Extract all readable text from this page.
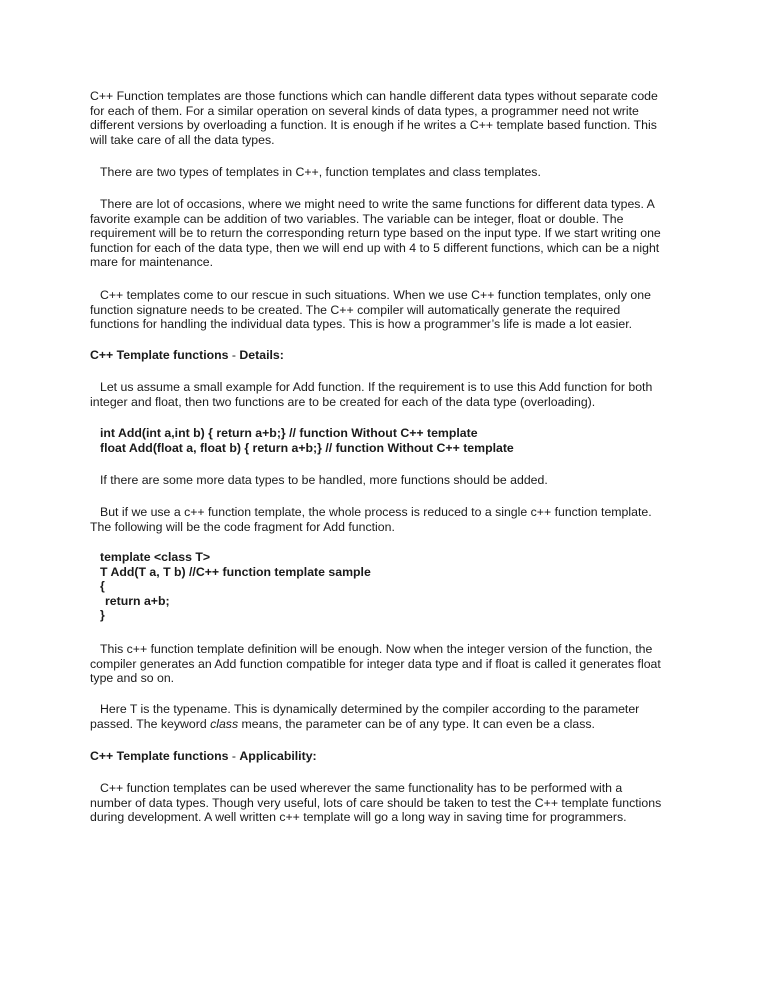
C++ Function templates are those functions which can handle different data types without separate code

for each of them. For a similar operation on several kinds of data types, a programmer need not write

different versions by overloading a function. It is enough if he writes a C++ template based function. This

will take care of all the data types.

There are two types of templates in C++, function templates and class templates.

There are lot of occasions, where we might need to write the same functions for different data types. A

favorite example can be addition of two variables. The variable can be integer, float or double. The

requirement will be to return the corresponding return type based on the input type. If we start writing one

function for each of the data type, then we will end up with 4 to 5 different functions, which can be a night

mare for maintenance.

C++ templates come to our rescue in such situations. When we use C++ function templates, only one

function signature needs to be created. The C++ compiler will automatically generate the required

functions for handling the individual data types. This is how a programmer’s life is made a lot easier.

C++ Template functions - Details:

Let us assume a small example for Add function. If the requirement is to use this Add function for both

integer and float, then two functions are to be created for each of the data type (overloading).

int Add(int a,int b) { return a+b;} // function Without C++ template

float Add(float a, float b) { return a+b;} // function Without C++ template

If there are some more data types to be handled, more functions should be added.

But if we use a c++ function template, the whole process is reduced to a single c++ function template.

The following will be the code fragment for Add function.

template <class T>

T Add(T a, T b) //C++ function template sample

{

return a+b;

}

This c++ function template definition will be enough. Now when the integer version of the function, the

compiler generates an Add function compatible for integer data type and if float is called it generates float

type and so on.

Here T is the typename. This is dynamically determined by the compiler according to the parameter

passed. The keyword class means, the parameter can be of any type. It can even be a class.

C++ Template functions - Applicability:

C++ function templates can be used wherever the same functionality has to be performed with a

number of data types. Though very useful, lots of care should be taken to test the C++ template functions

during development. A well written c++ template will go a long way in saving time for programmers.
